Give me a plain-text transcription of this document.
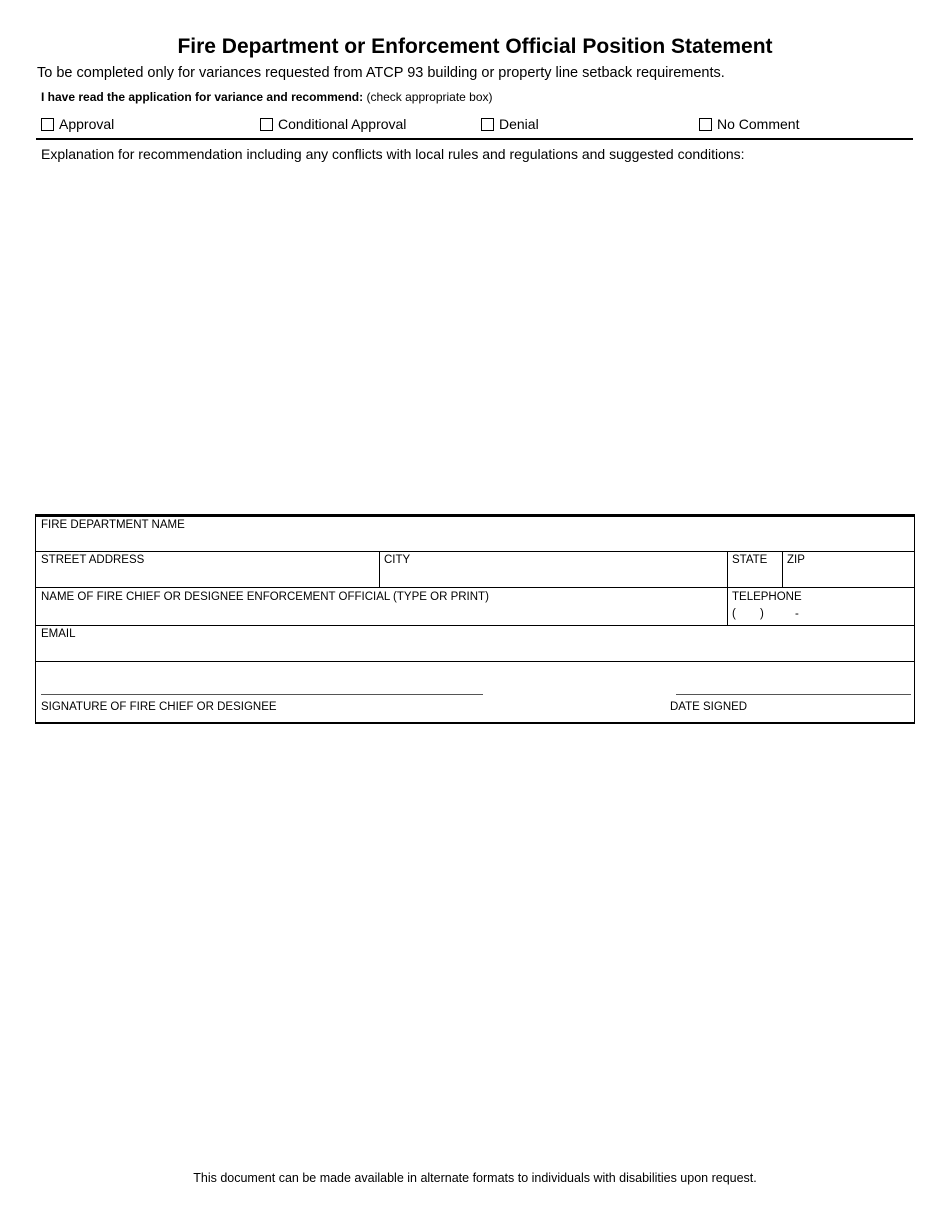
Fire Department or Enforcement Official Position Statement
To be completed only for variances requested from ATCP 93 building or property line setback requirements.
I have read the application for variance and recommend: (check appropriate box)
Approval	Conditional Approval	Denial	No Comment
Explanation for recommendation including any conflicts with local rules and regulations and suggested conditions:
FIRE DEPARTMENT NAME
STREET ADDRESS	CITY	STATE ZIP
NAME OF FIRE CHIEF OR DESIGNEE ENFORCEMENT OFFICIAL (TYPE OR PRINT)	TELEPHONE
( )	-
EMAIL
SIGNATURE OF FIRE CHIEF OR DESIGNEE	DATE SIGNED
This document can be made available in alternate formats to individuals with disabilities upon request.
